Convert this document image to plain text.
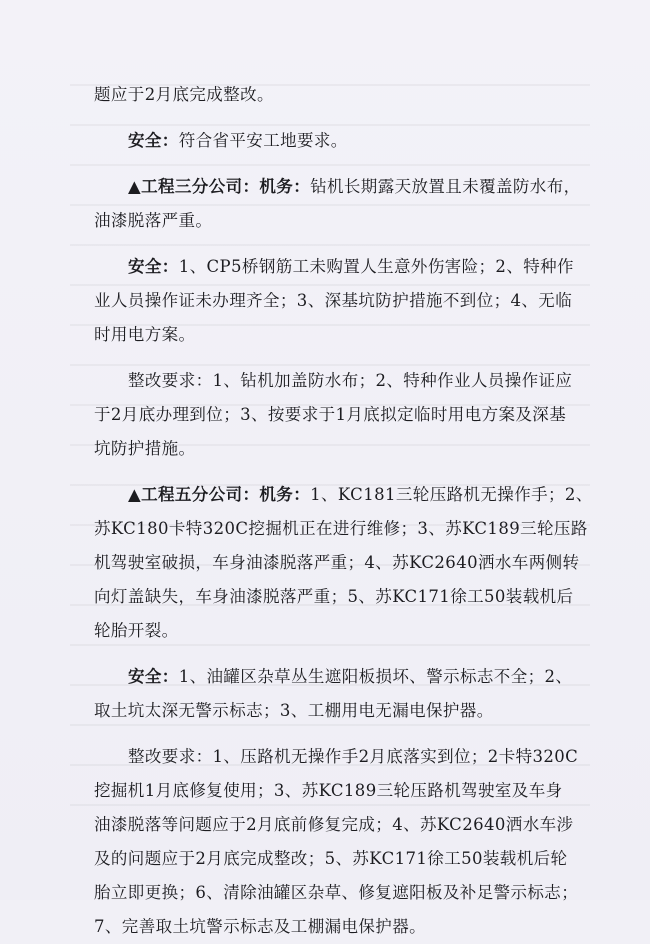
题应于2月底完成整改。
安全：符合省平安工地要求。
▲工程三分公司：机务：钻机长期露天放置且未覆盖防水布，
油漆脱落严重。
安全：1、CP5桥钢筋工未购置人生意外伤害险；2、特种作
业人员操作证未办理齐全；3、深基坑防护措施不到位；4、无临
时用电方案。
整改要求：1、钻机加盖防水布；2、特种作业人员操作证应
于2月底办理到位；3、按要求于1月底拟定临时用电方案及深基
坑防护措施。
▲工程五分公司：机务：1、KC181三轮压路机无操作手；2、
苏KC180卡特320C挖掘机正在进行维修；3、苏KC189三轮压路
机驾驶室破损，车身油漆脱落严重；4、苏KC2640洒水车两侧转
向灯盖缺失，车身油漆脱落严重；5、苏KC171徐工50装载机后
轮胎开裂。
安全：1、油罐区杂草丛生遮阳板损坏、警示标志不全；2、
取土坑太深无警示标志；3、工棚用电无漏电保护器。
整改要求：1、压路机无操作手2月底落实到位；2卡特320C
挖掘机1月底修复使用；3、苏KC189三轮压路机驾驶室及车身
油漆脱落等问题应于2月底前修复完成；4、苏KC2640洒水车涉
及的问题应于2月底完成整改；5、苏KC171徐工50装载机后轮
胎立即更换；6、清除油罐区杂草、修复遮阳板及补足警示标志；
7、完善取土坑警示标志及工棚漏电保护器。
